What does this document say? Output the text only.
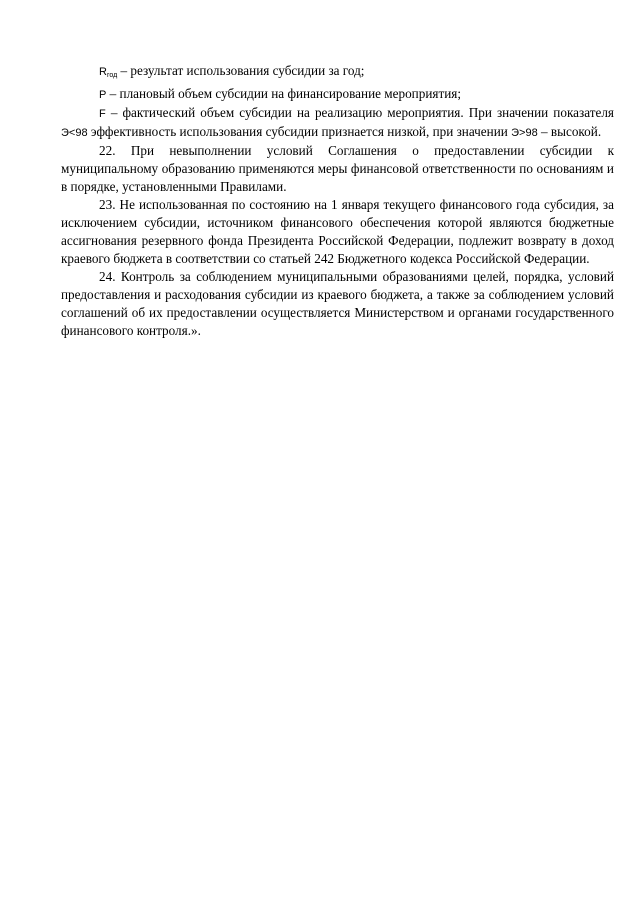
$R_{год}$ – результат использования субсидии за год;

P – плановый объем субсидии на финансирование мероприятия;

F – фактический объем субсидии на реализацию мероприятия. При значении показателя Э<98 эффективность использования субсидии признается низкой, при значении Э>98 – высокой.

22. При невыполнении условий Соглашения о предоставлении субсидии к муниципальному образованию применяются меры финансовой ответственности по основаниям и в порядке, установленными Правилами.

23. Не использованная по состоянию на 1 января текущего финансового года субсидия, за исключением субсидии, источником финансового обеспечения которой являются бюджетные ассигнования резервного фонда Президента Российской Федерации, подлежит возврату в доход краевого бюджета в соответствии со статьей 242 Бюджетного кодекса Российской Федерации.

24. Контроль за соблюдением муниципальными образованиями целей, порядка, условий предоставления и расходования субсидии из краевого бюджета, а также за соблюдением условий соглашений об их предоставлении осуществляется Министерством и органами государственного финансового контроля.».
